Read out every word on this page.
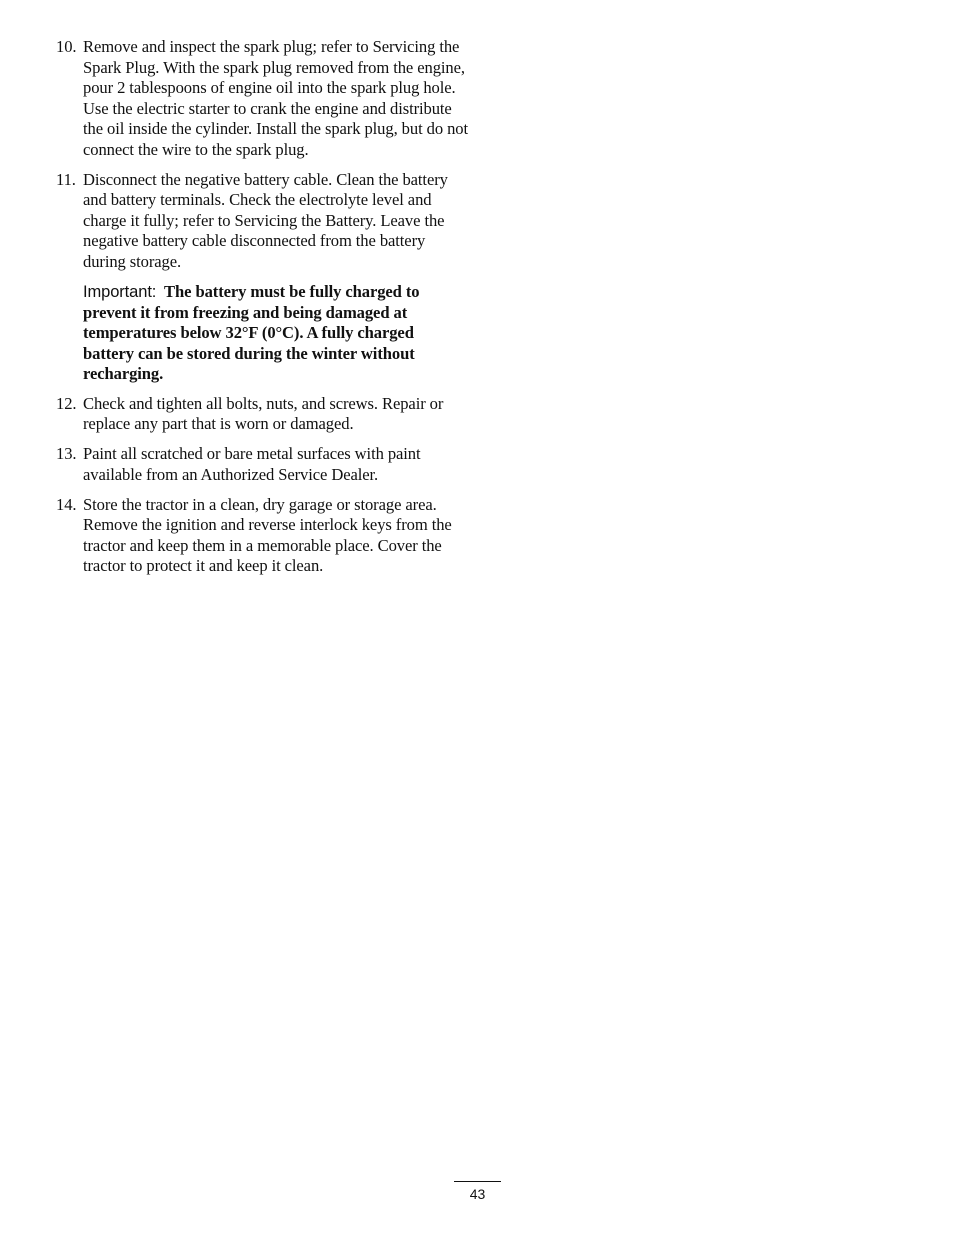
10. Remove and inspect the spark plug; refer to Servicing the Spark Plug. With the spark plug removed from the engine, pour 2 tablespoons of engine oil into the spark plug hole. Use the electric starter to crank the engine and distribute the oil inside the cylinder. Install the spark plug, but do not connect the wire to the spark plug.
11. Disconnect the negative battery cable. Clean the battery and battery terminals. Check the electrolyte level and charge it fully; refer to Servicing the Battery. Leave the negative battery cable disconnected from the battery during storage.
Important: The battery must be fully charged to prevent it from freezing and being damaged at temperatures below 32°F (0°C). A fully charged battery can be stored during the winter without recharging.
12. Check and tighten all bolts, nuts, and screws. Repair or replace any part that is worn or damaged.
13. Paint all scratched or bare metal surfaces with paint available from an Authorized Service Dealer.
14. Store the tractor in a clean, dry garage or storage area. Remove the ignition and reverse interlock keys from the tractor and keep them in a memorable place. Cover the tractor to protect it and keep it clean.
43
